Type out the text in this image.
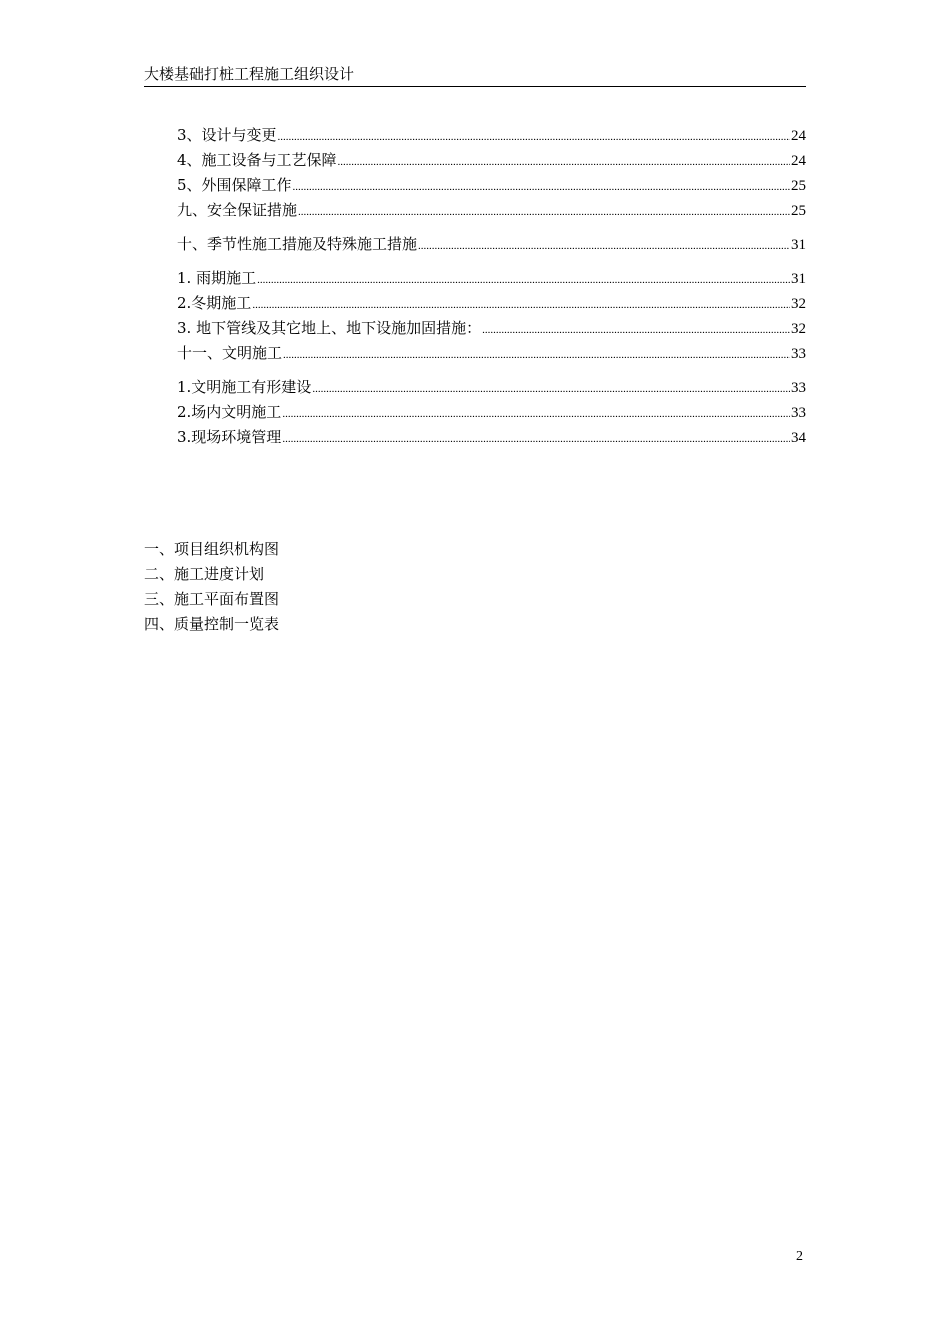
大楼基础打桩工程施工组织设计
3、设计与变更 .....	24
4、施工设备与工艺保障 .....	24
5、外围保障工作 .....	25
九、安全保证措施 .....	25
十、季节性施工措施及特殊施工措施 .....	31
1. 雨期施工 .....	31
2.冬期施工 .....	32
3. 地下管线及其它地上、地下设施加固措施： .....	32
十一、文明施工 .....	33
1.文明施工有形建设 .....	33
2.场内文明施工 .....	33
3.现场环境管理 .....	34
一、项目组织机构图
二、施工进度计划
三、施工平面布置图
四、质量控制一览表
2
